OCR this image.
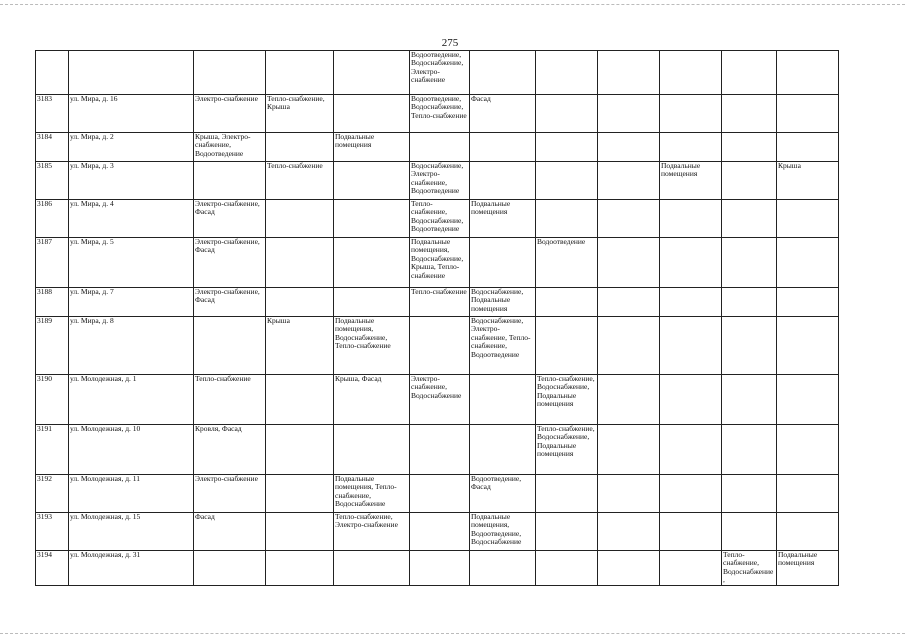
275
					Водоотведение, Водоснабжение, Электро-снабжение						
3183	ул. Мира, д. 16	Электро-снабжение	Тепло-снабжение, Крыша		Водоотведение, Водоснабжение, Тепло-снабжение	Фасад					
3184	ул. Мира, д. 2	Крыша, Электро-снабжение, Водоотведение		Подвальные помещения							
3185	ул. Мира, д. 3		Тепло-снабжение		Водоснабжение, Электро-снабжение, Водоотведение				Подвальные помещения		Крыша
3186	ул. Мира, д. 4	Электро-снабжение, Фасад			Тепло-снабжение, Водоснабжение, Водоотведение	Подвальные помещения					
3187	ул. Мира, д. 5	Электро-снабжение, Фасад			Подвальные помещения, Водоснабжение, Крыша, Тепло-снабжение		Водоотведение				
3188	ул. Мира, д. 7	Электро-снабжение, Фасад			Тепло-снабжение	Водоснабжение, Подвальные помещения					
3189	ул. Мира, д. 8		Крыша	Подвальные помещения, Водоснабжение, Тепло-снабжение		Водоснабжение, Электро-снабжение, Тепло-снабжение, Водоотведение					
3190	ул. Молодежная, д. 1	Тепло-снабжение		Крыша, Фасад	Электро-снабжение, Водоснабжение		Тепло-снабжение, Водоснабжение, Подвальные помещения				
3191	ул. Молодежная, д. 10	Кровля, Фасад					Тепло-снабжение, Водоснабжение, Подвальные помещения				
3192	ул. Молодежная, д. 11	Электро-снабжение		Подвальные помещения, Тепло-снабжение, Водоснабжение		Водоотведение, Фасад					
3193	ул. Молодежная, д. 15	Фасад		Тепло-снабжение, Электро-снабжение		Подвальные помещения, Водоотведение, Водоснабжение					
3194	ул. Молодежная, д. 31									Тепло-снабжение, Водоснабжение,	Подвальные помещения
